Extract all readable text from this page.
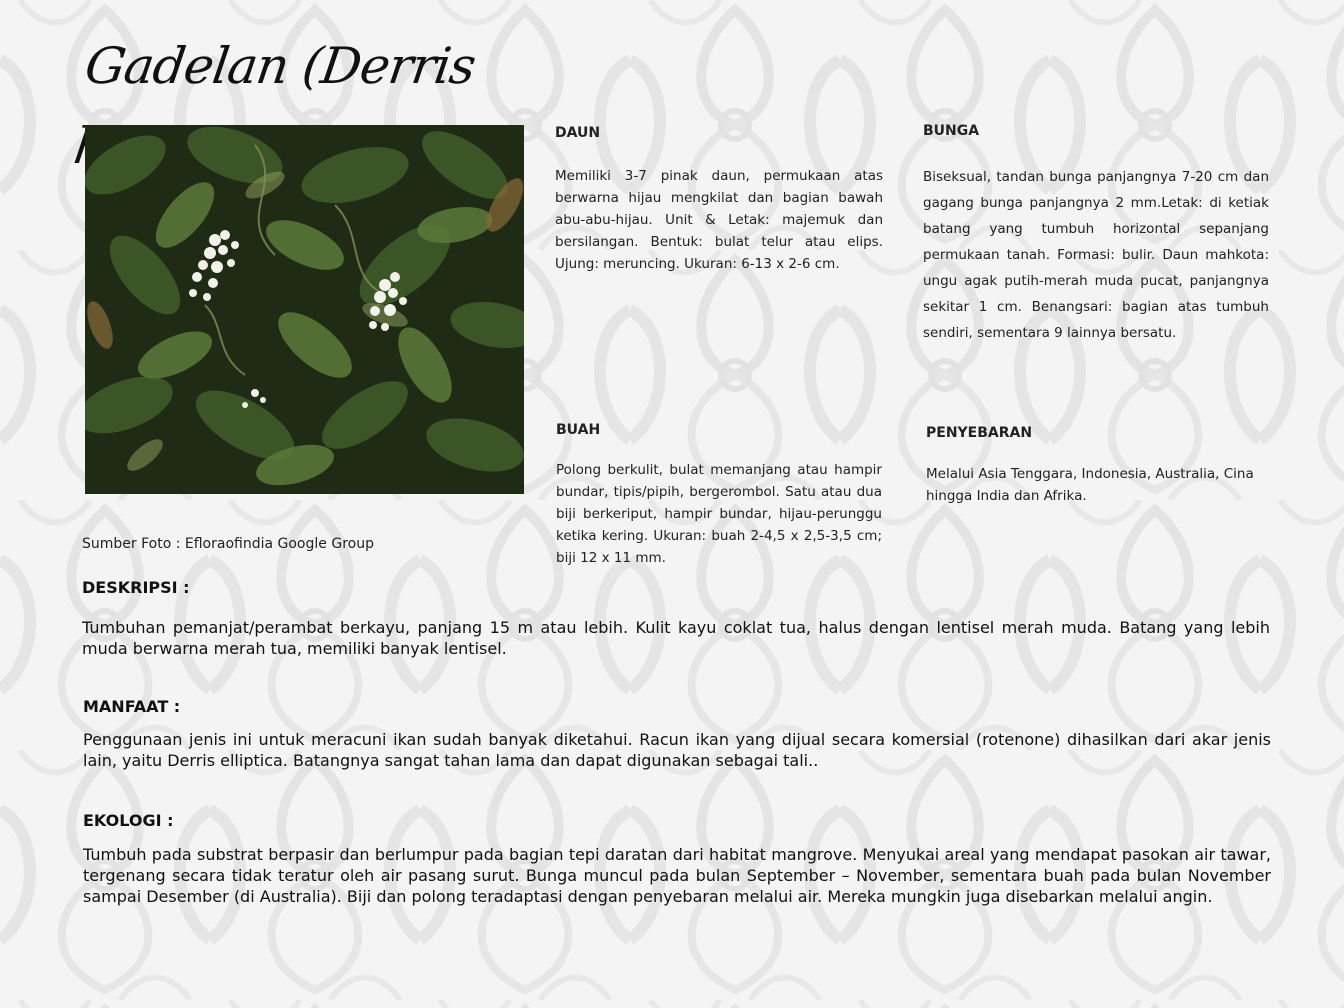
Gadelan (Derris
Sumber Foto : Efloraofindia Google Group
DAUN
Memiliki 3-7 pinak daun, permukaan atas berwarna hijau mengkilat dan bagian bawah abu-abu-hijau. Unit & Letak: majemuk dan bersilangan. Bentuk: bulat telur atau elips. Ujung: meruncing. Ukuran: 6-13 x 2-6 cm.
BUNGA
Biseksual, tandan bunga panjangnya 7-20 cm dan gagang bunga panjangnya 2 mm.Letak: di ketiak batang yang tumbuh horizontal sepanjang permukaan tanah. Formasi: bulir. Daun mahkota: ungu agak putih-merah muda pucat, panjangnya sekitar 1 cm. Benangsari: bagian atas tumbuh sendiri, sementara 9 lainnya bersatu.
BUAH
Polong berkulit, bulat memanjang atau hampir bundar, tipis/pipih, bergerombol. Satu atau dua biji berkeriput, hampir bundar, hijau-perunggu ketika kering. Ukuran: buah 2-4,5 x 2,5-3,5 cm; biji 12 x 11 mm.
PENYEBARAN
Melalui Asia Tenggara, Indonesia, Australia, Cina hingga India dan Afrika.
DESKRIPSI :
Tumbuhan pemanjat/perambat berkayu, panjang 15 m atau lebih. Kulit kayu coklat tua, halus dengan lentisel merah muda. Batang yang lebih muda berwarna merah tua, memiliki banyak lentisel.
MANFAAT :
Penggunaan jenis ini untuk meracuni ikan sudah banyak diketahui. Racun ikan yang dijual secara komersial (rotenone) dihasilkan dari akar jenis lain, yaitu Derris elliptica. Batangnya sangat tahan lama dan dapat digunakan sebagai tali..
EKOLOGI :
Tumbuh pada substrat berpasir dan berlumpur pada bagian tepi daratan dari habitat mangrove. Menyukai areal yang mendapat pasokan air tawar, tergenang secara tidak teratur oleh air pasang surut. Bunga muncul pada bulan September – November, sementara buah pada bulan November sampai Desember (di Australia). Biji dan polong teradaptasi dengan penyebaran melalui air. Mereka mungkin juga disebarkan melalui angin.
